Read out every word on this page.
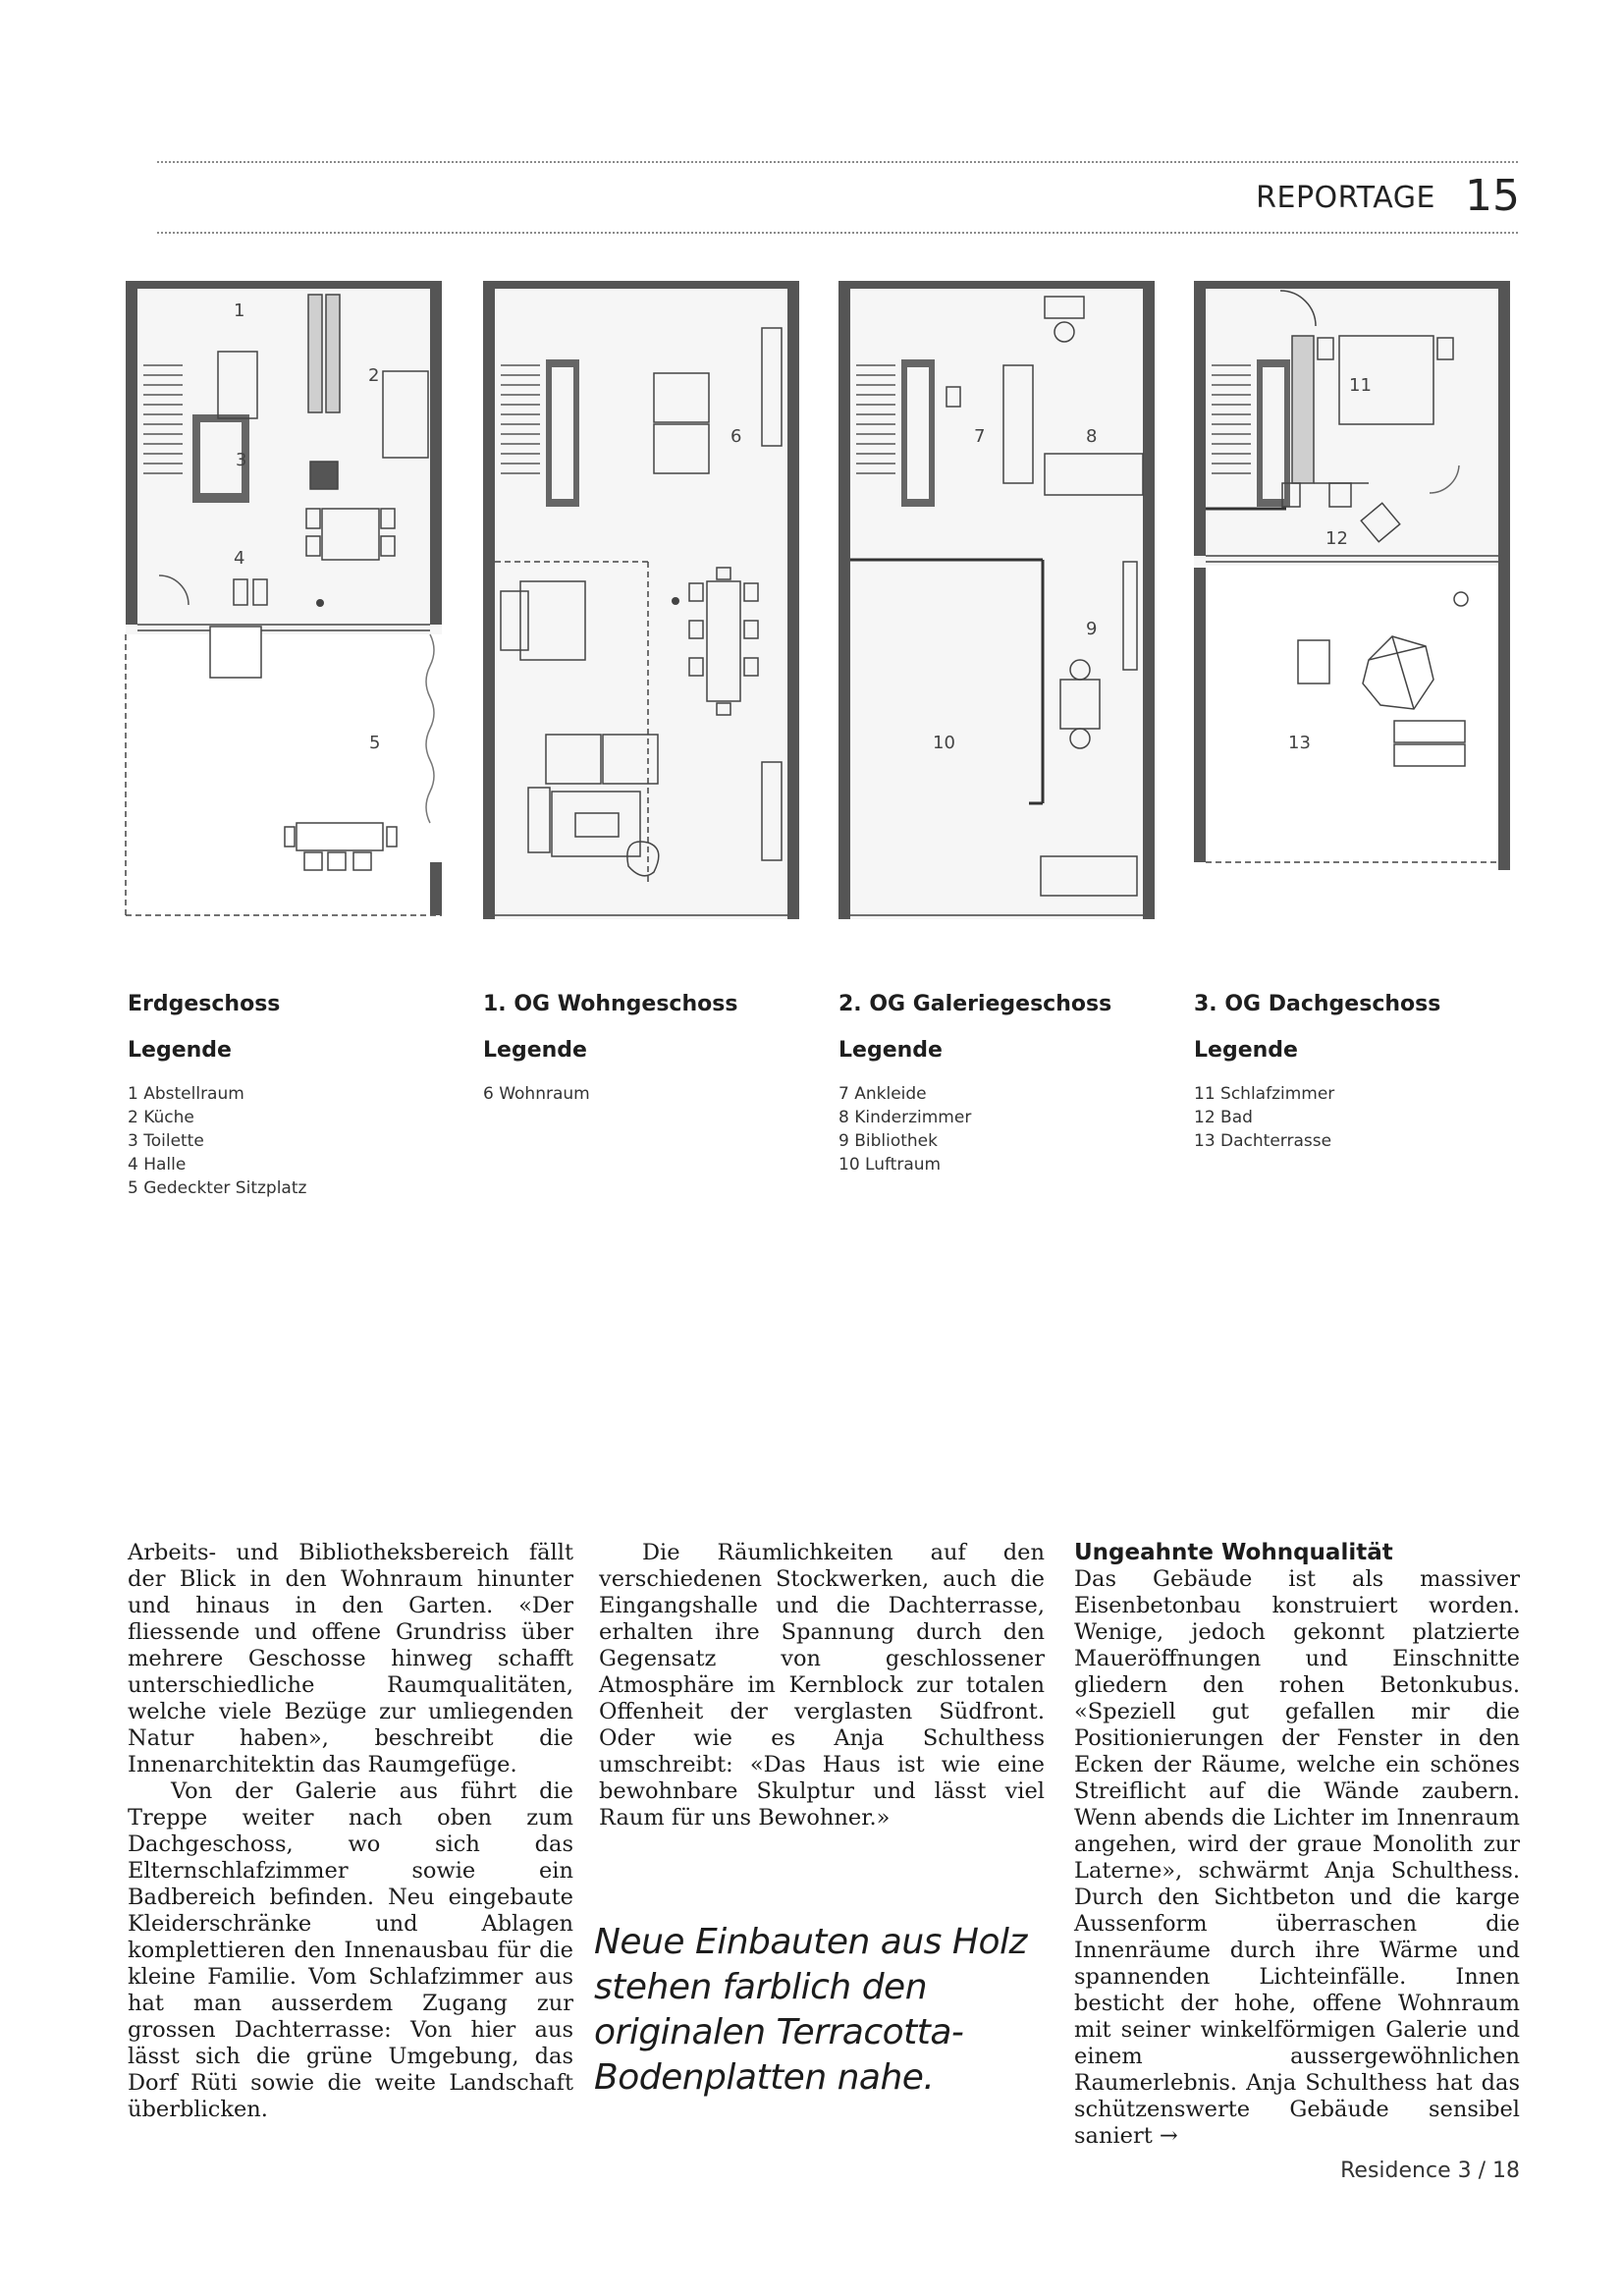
REPORTAGE 15
1
2
3
4
5
6	7	8
9
10
11
12
13
Erdgeschoss
Legende
1 Abstellraum
2 Küche
3 Toilette
4 Halle
5 Gedeckter Sitzplatz
1. OG Wohngeschoss
Legende
6 Wohnraum
2. OG Galeriegeschoss
Legende
7 Ankleide
8 Kinderzimmer
9 Bibliothek
10 Luftraum
3. OG Dachgeschoss
Legende
11 Schlafzimmer
12 Bad
13 Dachterrasse

Arbeits- und Bibliotheksbereich fällt der Blick in den Wohnraum hinunter und hinaus in den Garten. «Der fliessende und offene Grundriss über mehrere Geschosse hinweg schafft unterschiedliche Raumqualitäten, welche viele Bezüge zur umliegenden Natur haben», beschreibt die Innenarchitektin das Raumgefüge.

Von der Galerie aus führt die Treppe weiter nach oben zum Dachgeschoss, wo sich das Elternschlafzimmer sowie ein Badbereich befinden. Neu eingebaute Kleiderschränke und Ablagen komplettieren den Innenausbau für die kleine Familie. Vom Schlafzimmer aus hat man ausserdem Zugang zur grossen Dachterrasse: Von hier aus lässt sich die grüne Umgebung, das Dorf Rüti sowie die weite Landschaft überblicken.

Die Räumlichkeiten auf den verschiedenen Stockwerken, auch die Eingangshalle und die Dachterrasse, erhalten ihre Spannung durch den Gegensatz von geschlossener Atmosphäre im Kernblock zur totalen Offenheit der verglasten Südfront. Oder wie es Anja Schulthess umschreibt: «Das Haus ist wie eine bewohnbare Skulptur und lässt viel Raum für uns Bewohner.»

Neue Einbauten aus Holz stehen farblich den originalen Terracotta-Bodenplatten nahe.
Ungeahnte Wohnqualität

Das Gebäude ist als massiver Eisenbetonbau konstruiert worden. Wenige, jedoch gekonnt platzierte Maueröffnungen und Einschnitte gliedern den rohen Betonkubus. «Speziell gut gefallen mir die Positionierungen der Fenster in den Ecken der Räume, welche ein schönes Streiflicht auf die Wände zaubern. Wenn abends die Lichter im Innenraum angehen, wird der graue Monolith zur Laterne», schwärmt Anja Schulthess. Durch den Sichtbeton und die karge Aussenform überraschen die Innenräume durch ihre Wärme und spannenden Lichteinfälle. Innen besticht der hohe, offene Wohnraum mit seiner winkelförmigen Galerie und einem aussergewöhnlichen Raumerlebnis. Anja Schulthess hat das schützenswerte Gebäude sensibel saniert →

Residence 3 / 18
